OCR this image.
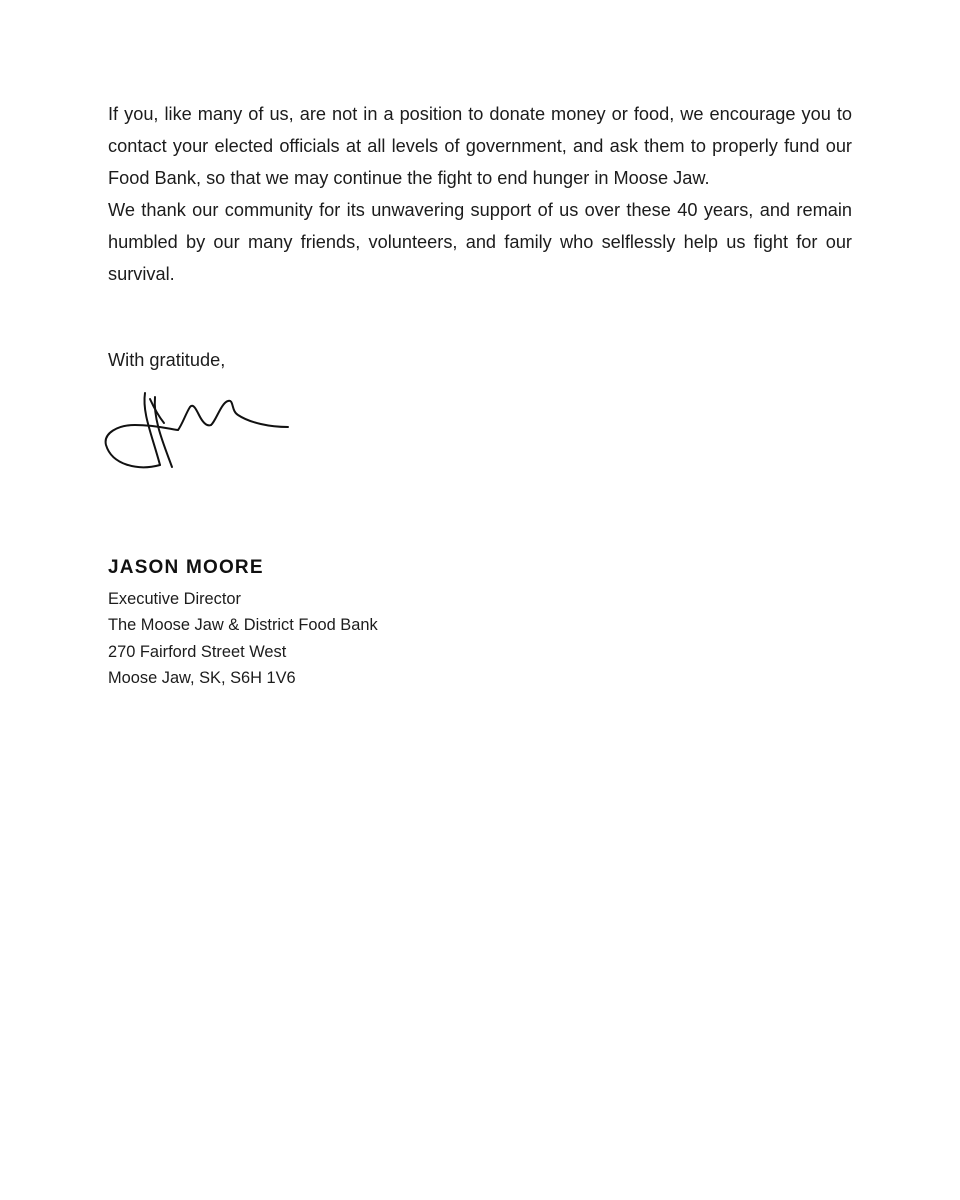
If you, like many of us, are not in a position to donate money or food, we encourage you to contact your elected officials at all levels of government, and ask them to properly fund our Food Bank, so that we may continue the fight to end hunger in Moose Jaw.

We thank our community for its unwavering support of us over these 40 years, and remain humbled by our many friends, volunteers, and family who selflessly help us fight for our survival.

With gratitude,
JASON MOORE
Executive Director
The Moose Jaw & District Food Bank
270 Fairford Street West
Moose Jaw, SK, S6H 1V6
